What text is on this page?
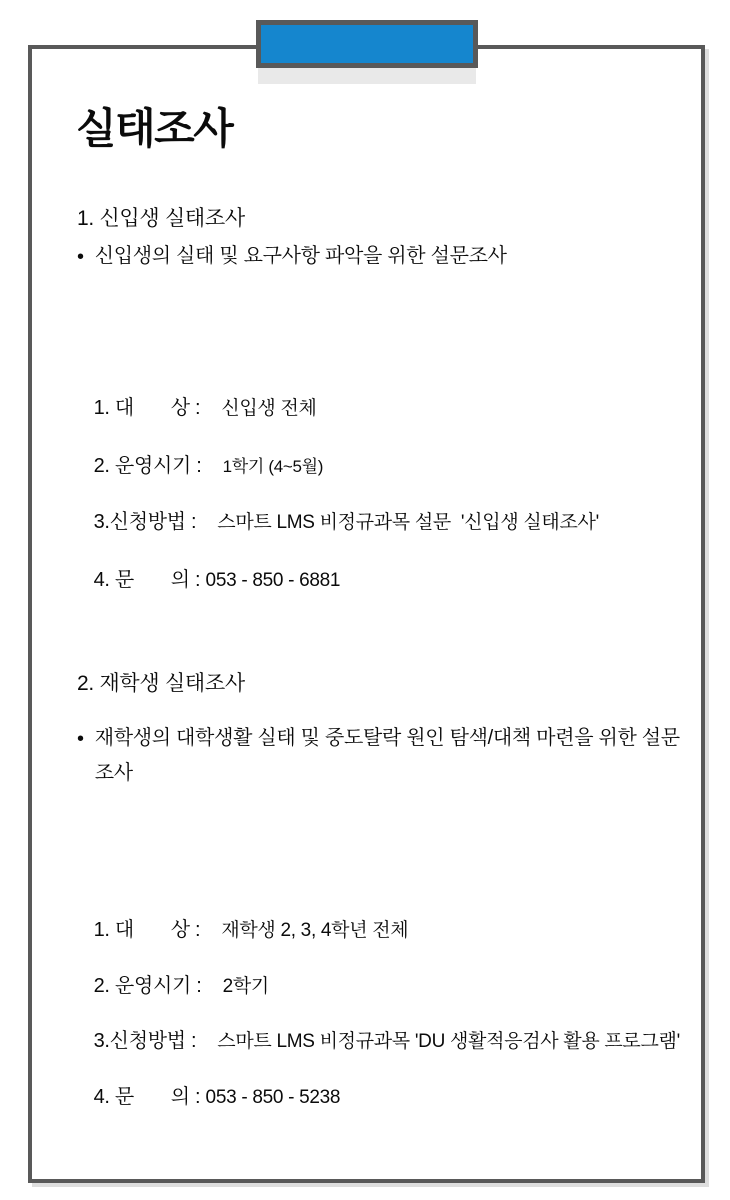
실태조사
1. 신입생 실태조사
• 신입생의 실태 및 요구사항 파악을 위한 설문조사

1. 대       상 :    신입생 전체

2. 운영시기 :    1학기 (4~5월)

3.신청방법 :    스마트 LMS 비정규과목 설문  '신입생 실태조사'

4. 문       의 : 053 - 850 - 6881

2. 재학생 실태조사
• 재학생의 대학생활 실태 및 중도탈락 원인 탐색/대책 마련을 위한 설문조사

1. 대       상 :    재학생 2, 3, 4학년 전체

2. 운영시기 :    2학기

3.신청방법 :    스마트 LMS 비정규과목 'DU 생활적응검사 활용 프로그램'

4. 문       의 : 053 - 850 - 5238
